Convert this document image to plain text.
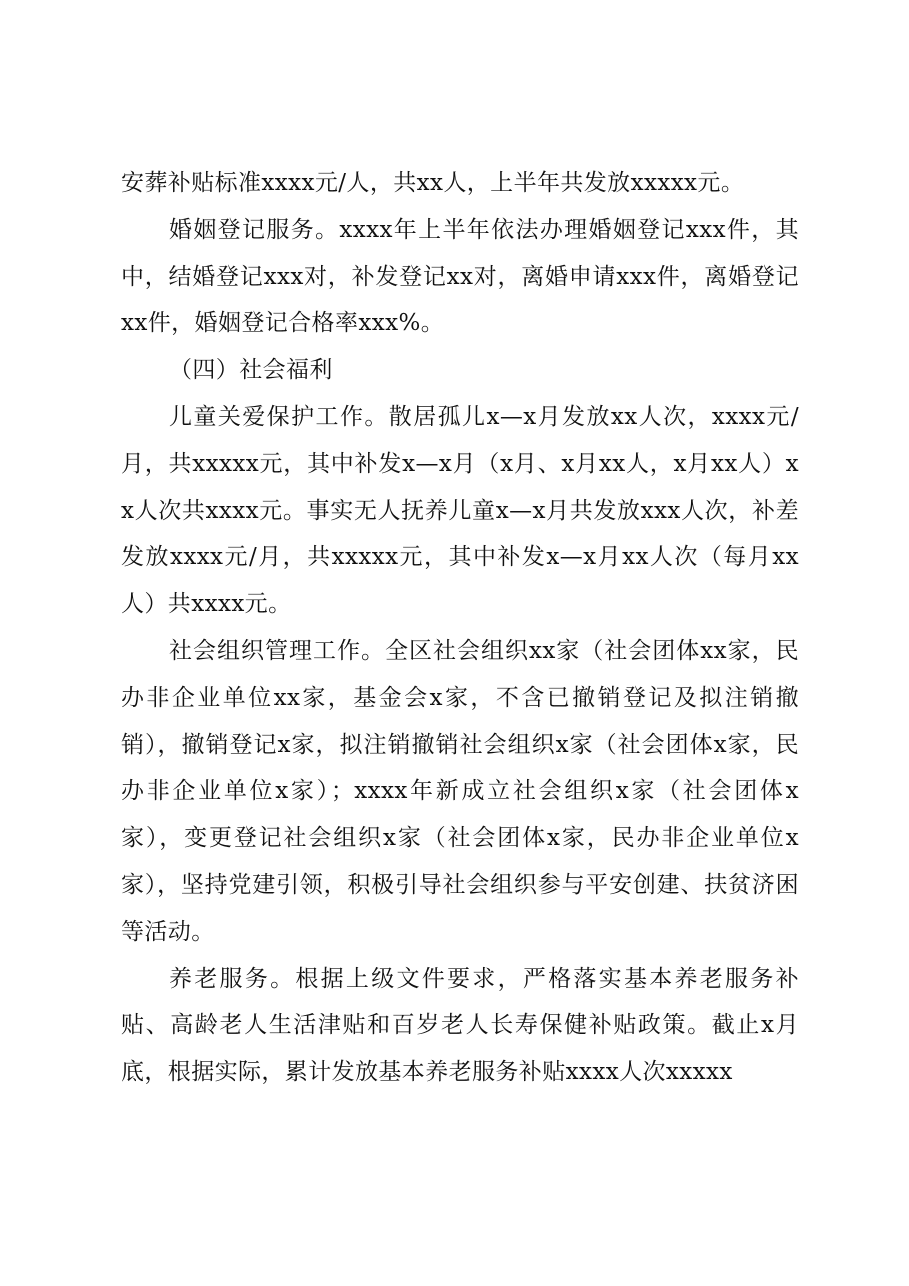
安葬补贴标准xxxx元/人，共xx人，上半年共发放xxxxx元。

婚姻登记服务。xxxx年上半年依法办理婚姻登记xxx件，其中，结婚登记xxx对，补发登记xx对，离婚申请xxx件，离婚登记xx件，婚姻登记合格率xxx%。

（四）社会福利

儿童关爱保护工作。散居孤儿x—x月发放xx人次，xxxx元/月，共xxxxx元，其中补发x—x月（x月、x月xx人，x月xx人）xx人次共xxxx元。事实无人抚养儿童x—x月共发放xxx人次，补差发放xxxx元/月，共xxxxx元，其中补发x—x月xx人次（每月xx人）共xxxx元。

社会组织管理工作。全区社会组织xx家（社会团体xx家，民办非企业单位xx家，基金会x家，不含已撤销登记及拟注销撤销），撤销登记x家，拟注销撤销社会组织x家（社会团体x家，民办非企业单位x家）；xxxx年新成立社会组织x家（社会团体x家），变更登记社会组织x家（社会团体x家，民办非企业单位x家），坚持党建引领，积极引导社会组织参与平安创建、扶贫济困等活动。

养老服务。根据上级文件要求，严格落实基本养老服务补贴、高龄老人生活津贴和百岁老人长寿保健补贴政策。截止x月底，根据实际，累计发放基本养老服务补贴xxxx人次xxxxx
